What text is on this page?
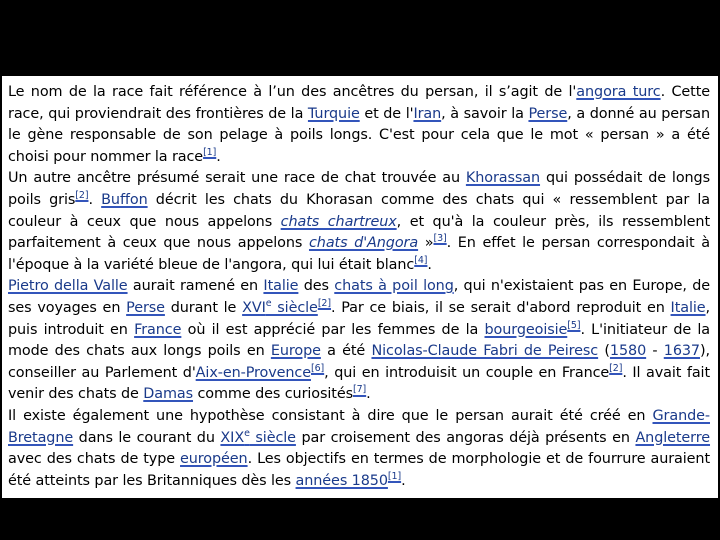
Le nom de la race fait référence à l’un des ancêtres du persan, il s’agit de l'angora turc. Cette race, qui proviendrait des frontières de la Turquie et de l'Iran, à savoir la Perse, a donné au persan le gène responsable de son pelage à poils longs. C'est pour cela que le mot « persan » a été choisi pour nommer la race[1].

Un autre ancêtre présumé serait une race de chat trouvée au Khorassan qui possédait de longs poils gris[2]. Buffon décrit les chats du Khorasan comme des chats qui « ressemblent par la couleur à ceux que nous appelons chats chartreux, et qu'à la couleur près, ils ressemblent parfaitement à ceux que nous appelons chats d'Angora »[3]. En effet le persan correspondait à l'époque à la variété bleue de l'angora, qui lui était blanc[4].

Pietro della Valle aurait ramené en Italie des chats à poil long, qui n'existaient pas en Europe, de ses voyages en Perse durant le XVIe siècle[2]. Par ce biais, il se serait d'abord reproduit en Italie, puis introduit en France où il est apprécié par les femmes de la bourgeoisie[5]. L'initiateur de la mode des chats aux longs poils en Europe a été Nicolas-Claude Fabri de Peiresc (1580 - 1637), conseiller au Parlement d'Aix-en-Provence[6], qui en introduisit un couple en France[2]. Il avait fait venir des chats de Damas comme des curiosités[7].

Il existe également une hypothèse consistant à dire que le persan aurait été créé en Grande-Bretagne dans le courant du XIXe siècle par croisement des angoras déjà présents en Angleterre avec des chats de type européen. Les objectifs en termes de morphologie et de fourrure auraient été atteints par les Britanniques dès les années 1850[1].
